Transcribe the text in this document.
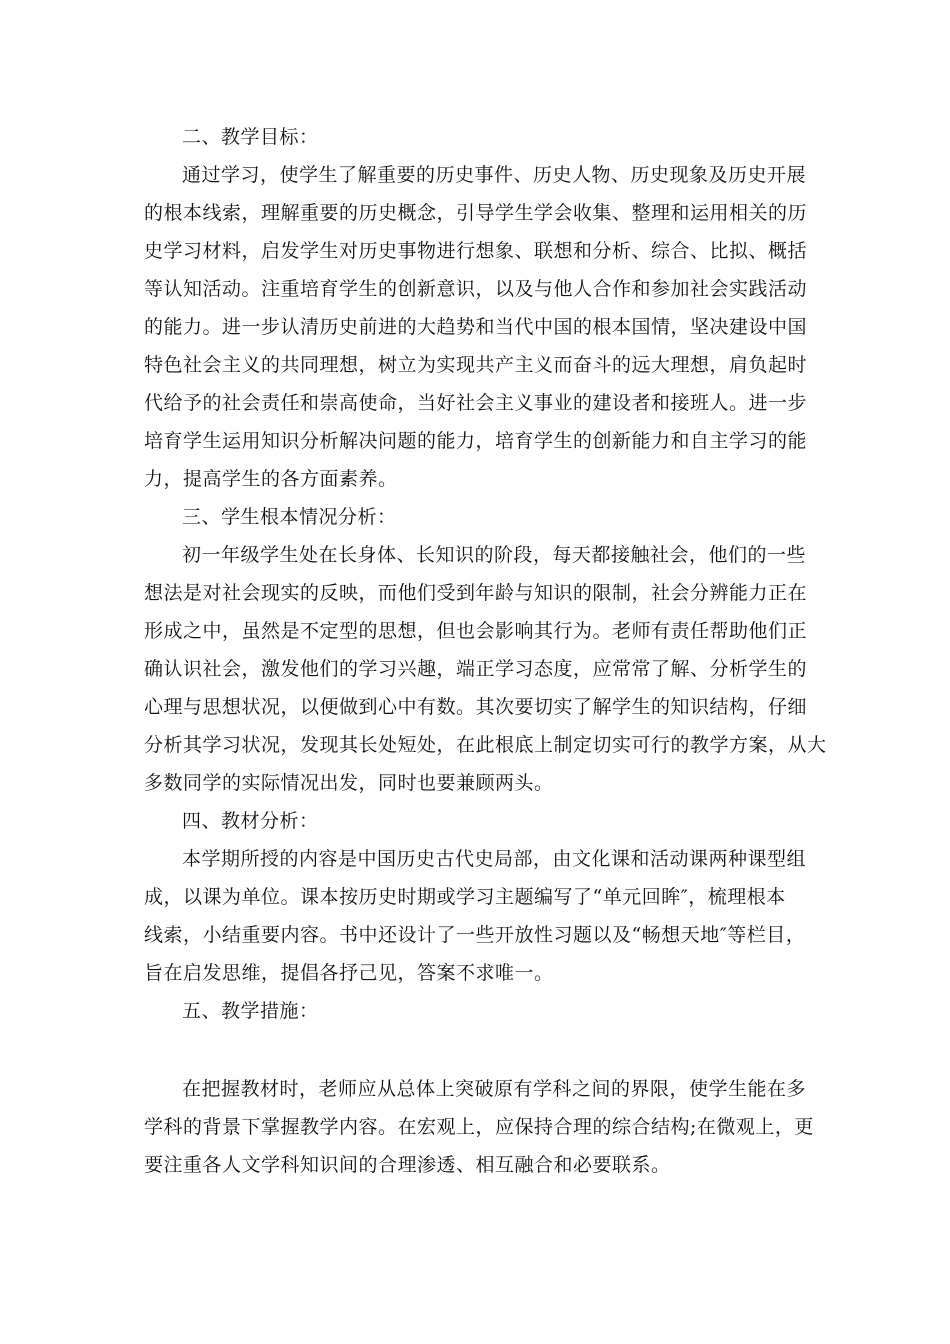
二、教学目标：
通过学习，使学生了解重要的历史事件、历史人物、历史现象及历史开展
的根本线索，理解重要的历史概念，引导学生学会收集、整理和运用相关的历
史学习材料，启发学生对历史事物进行想象、联想和分析、综合、比拟、概括
等认知活动。注重培育学生的创新意识，以及与他人合作和参加社会实践活动
的能力。进一步认清历史前进的大趋势和当代中国的根本国情，坚决建设中国
特色社会主义的共同理想，树立为实现共产主义而奋斗的远大理想，肩负起时
代给予的社会责任和崇高使命，当好社会主义事业的建设者和接班人。进一步
培育学生运用知识分析解决问题的能力，培育学生的创新能力和自主学习的能
力，提高学生的各方面素养。
三、学生根本情况分析：
初一年级学生处在长身体、长知识的阶段，每天都接触社会，他们的一些
想法是对社会现实的反映，而他们受到年龄与知识的限制，社会分辨能力正在
形成之中，虽然是不定型的思想，但也会影响其行为。老师有责任帮助他们正
确认识社会，激发他们的学习兴趣，端正学习态度，应常常了解、分析学生的
心理与思想状况，以便做到心中有数。其次要切实了解学生的知识结构，仔细
分析其学习状况，发现其长处短处，在此根底上制定切实可行的教学方案，从大
多数同学的实际情况出发，同时也要兼顾两头。
四、教材分析：
本学期所授的内容是中国历史古代史局部，由文化课和活动课两种课型组
成，以课为单位。课本按历史时期或学习主题编写了“单元回眸″，梳理根本
线索，小结重要内容。书中还设计了一些开放性习题以及“畅想天地″等栏目，
旨在启发思维，提倡各抒己见，答案不求唯一。
五、教学措施：
在把握教材时，老师应从总体上突破原有学科之间的界限，使学生能在多
学科的背景下掌握教学内容。在宏观上，应保持合理的综合结构;在微观上，更
要注重各人文学科知识间的合理渗透、相互融合和必要联系。
